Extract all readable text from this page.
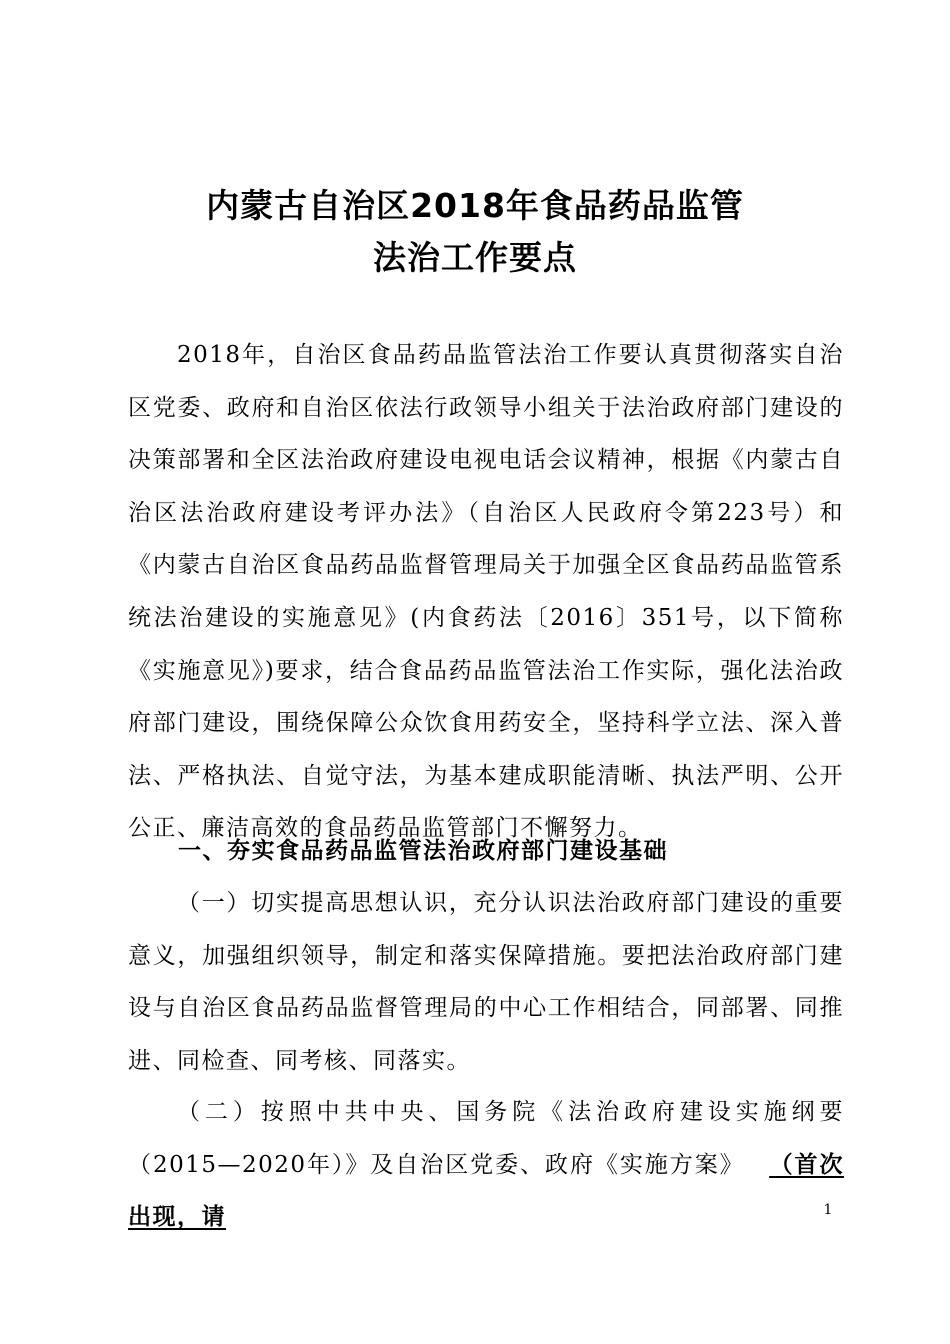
内蒙古自治区2018年食品药品监管
法治工作要点

2018年，自治区食品药品监管法治工作要认真贯彻落实自治区党委、政府和自治区依法行政领导小组关于法治政府部门建设的决策部署和全区法治政府建设电视电话会议精神，根据《内蒙古自治区法治政府建设考评办法》（自治区人民政府令第223号）和《内蒙古自治区食品药品监督管理局关于加强全区食品药品监管系统法治建设的实施意见》(内食药法〔2016〕351号，以下简称《实施意见》)要求，结合食品药品监管法治工作实际，强化法治政府部门建设，围绕保障公众饮食用药安全，坚持科学立法、深入普法、严格执法、自觉守法，为基本建成职能清晰、执法严明、公开公正、廉洁高效的食品药品监管部门不懈努力。

一、夯实食品药品监管法治政府部门建设基础

（一）切实提高思想认识，充分认识法治政府部门建设的重要意义，加强组织领导，制定和落实保障措施。要把法治政府部门建设与自治区食品药品监督管理局的中心工作相结合，同部署、同推进、同检查、同考核、同落实。

（二）按照中共中央、国务院《法治政府建设实施纲要（2015—2020年）》及自治区党委、政府《实施方案》  （首次出现，请	1
